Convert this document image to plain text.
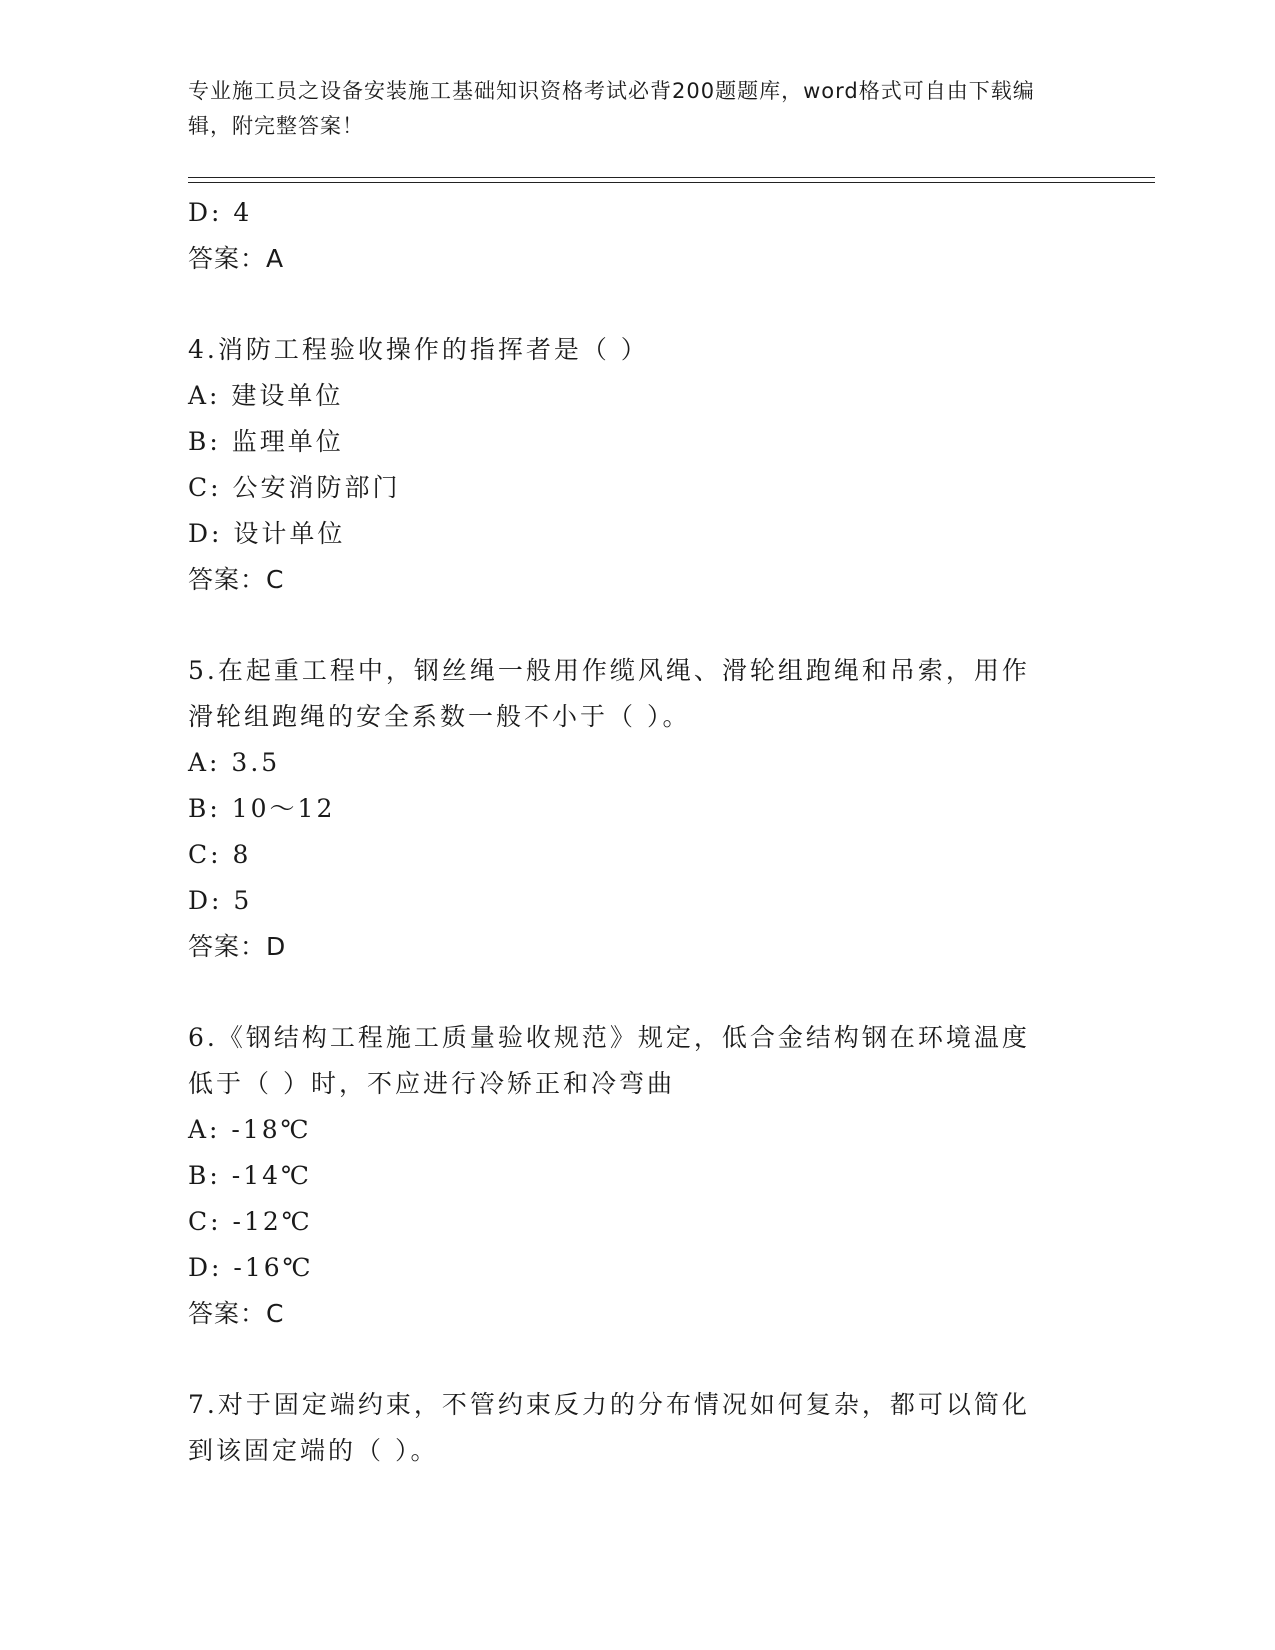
专业施工员之设备安装施工基础知识资格考试必背200题题库，word格式可自由下载编辑，附完整答案！
D: 4
答案：A
4.消防工程验收操作的指挥者是（ ）
A: 建设单位
B: 监理单位
C: 公安消防部门
D: 设计单位
答案：C
5.在起重工程中，钢丝绳一般用作缆风绳、滑轮组跑绳和吊索，用作
滑轮组跑绳的安全系数一般不小于（ ）。
A: 3.5
B: 10～12
C: 8
D: 5
答案：D
6.《钢结构工程施工质量验收规范》规定，低合金结构钢在环境温度
低于（ ）时，不应进行冷矫正和冷弯曲
A: -18℃
B: -14℃
C: -12℃
D: -16℃
答案：C
7.对于固定端约束，不管约束反力的分布情况如何复杂，都可以简化
到该固定端的（ ）。
